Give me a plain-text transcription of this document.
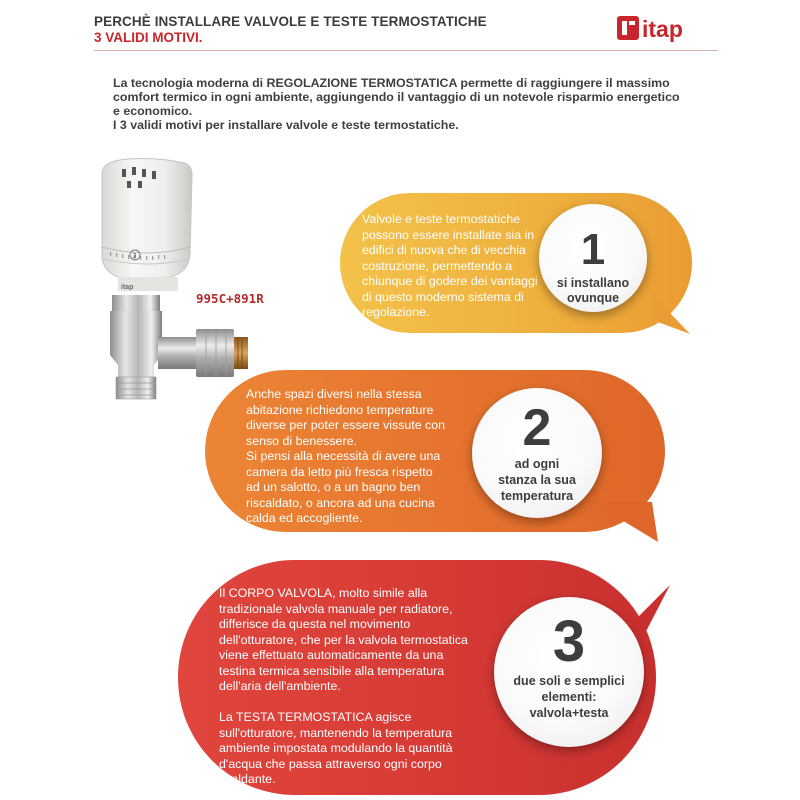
PERCHÈ INSTALLARE VALVOLE E TESTE TERMOSTATICHE
3 VALIDI MOTIVI.	itap
La tecnologia moderna di REGOLAZIONE TERMOSTATICA permette di raggiungere il massimo
comfort termico in ogni ambiente, aggiungendo il vantaggio di un notevole risparmio energetico
e economico.
I 3 validi motivi per installare valvole e teste termostatiche.
3
itap
995C+891R
Valvole e teste termostatiche
possono essere installate sia in
edifici di nuova che di vecchia
costruzione, permettendo a
chiunque di godere dei vantaggi
di questo moderno sistema di
regolazione.
1
si installano
ovunque
Anche spazi diversi nella stessa
abitazione richiedono temperature
diverse per poter essere vissute con
senso di benessere.
Si pensi alla necessità di avere una
camera da letto più fresca rispetto
ad un salotto, o a un bagno ben
riscaldato, o ancora ad una cucina
calda ed accogliente.
2
ad ogni
stanza la sua
temperatura
Il CORPO VALVOLA, molto simile alla
tradizionale valvola manuale per radiatore,
differisce da questa nel movimento
dell'otturatore, che per la valvola termostatica
viene effettuato automaticamente da una
testina termica sensibile alla temperatura
dell'aria dell'ambiente.
La TESTA TERMOSTATICA agisce
sull'otturatore, mantenendo la temperatura
ambiente impostata modulando la quantità
d'acqua che passa attraverso ogni corpo
scaldante.
3
due soli e semplici
elementi:
valvola+testa
